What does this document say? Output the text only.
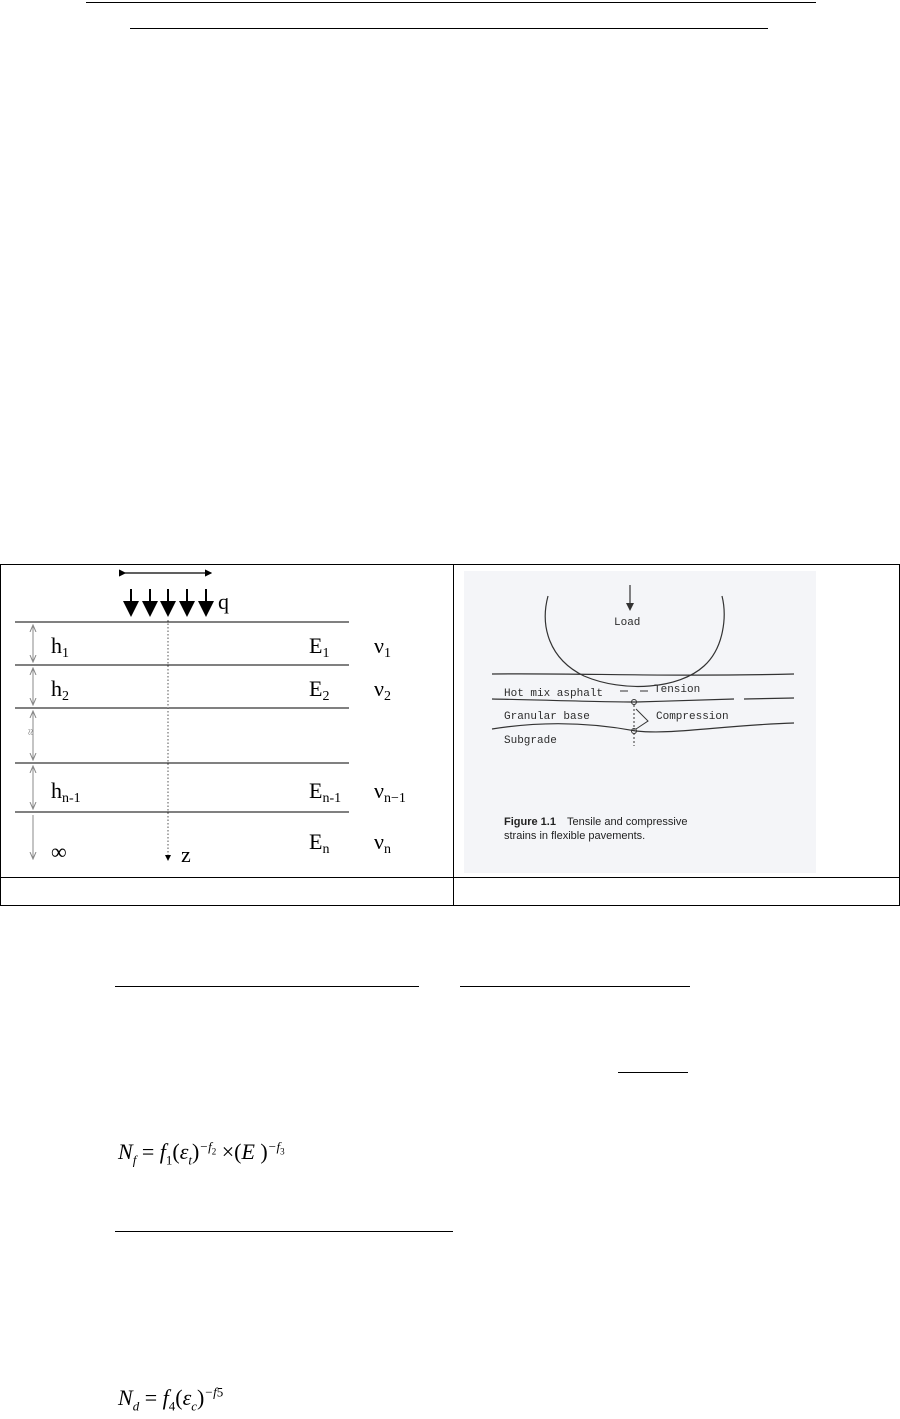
q
≈
$h_1$	$E_1$ $\nu_1$
$h_2$	$E_2$ $\nu_2$
$h_{n-1}$	$E_{n-1}$ $\nu_{n-1}$
∞	z
$E_n$ $\nu_n$
Load
Tension
Hot mix asphalt
Granular base	Compression
Subgrade
Figure 1.1 Tensile and compressive
strains in flexible pavements.
$N_f = f_1(\varepsilon_t)^{-f_2} \times(E$ )$^{-f_3}$
$N_d = f_4(\varepsilon_c)^{-f5}$
